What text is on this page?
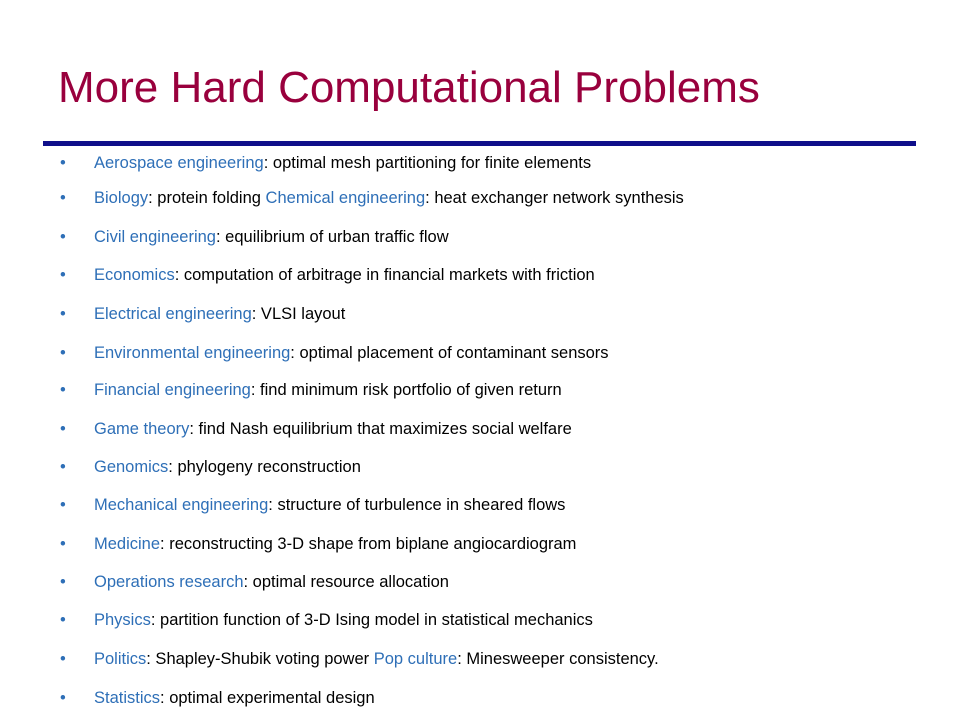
More Hard Computational Problems
• Aerospace engineering: optimal mesh partitioning for finite elements
• Biology: protein folding Chemical engineering: heat exchanger network synthesis
• Civil engineering: equilibrium of urban traffic flow
• Economics: computation of arbitrage in financial markets with friction
• Electrical engineering: VLSI layout
• Environmental engineering: optimal placement of contaminant sensors
• Financial engineering: find minimum risk portfolio of given return
• Game theory: find Nash equilibrium that maximizes social welfare
• Genomics: phylogeny reconstruction
• Mechanical engineering: structure of turbulence in sheared flows
• Medicine: reconstructing 3-D shape from biplane angiocardiogram
• Operations research: optimal resource allocation
• Physics: partition function of 3-D Ising model in statistical mechanics
• Politics: Shapley-Shubik voting power Pop culture: Minesweeper consistency.
• Statistics: optimal experimental design
